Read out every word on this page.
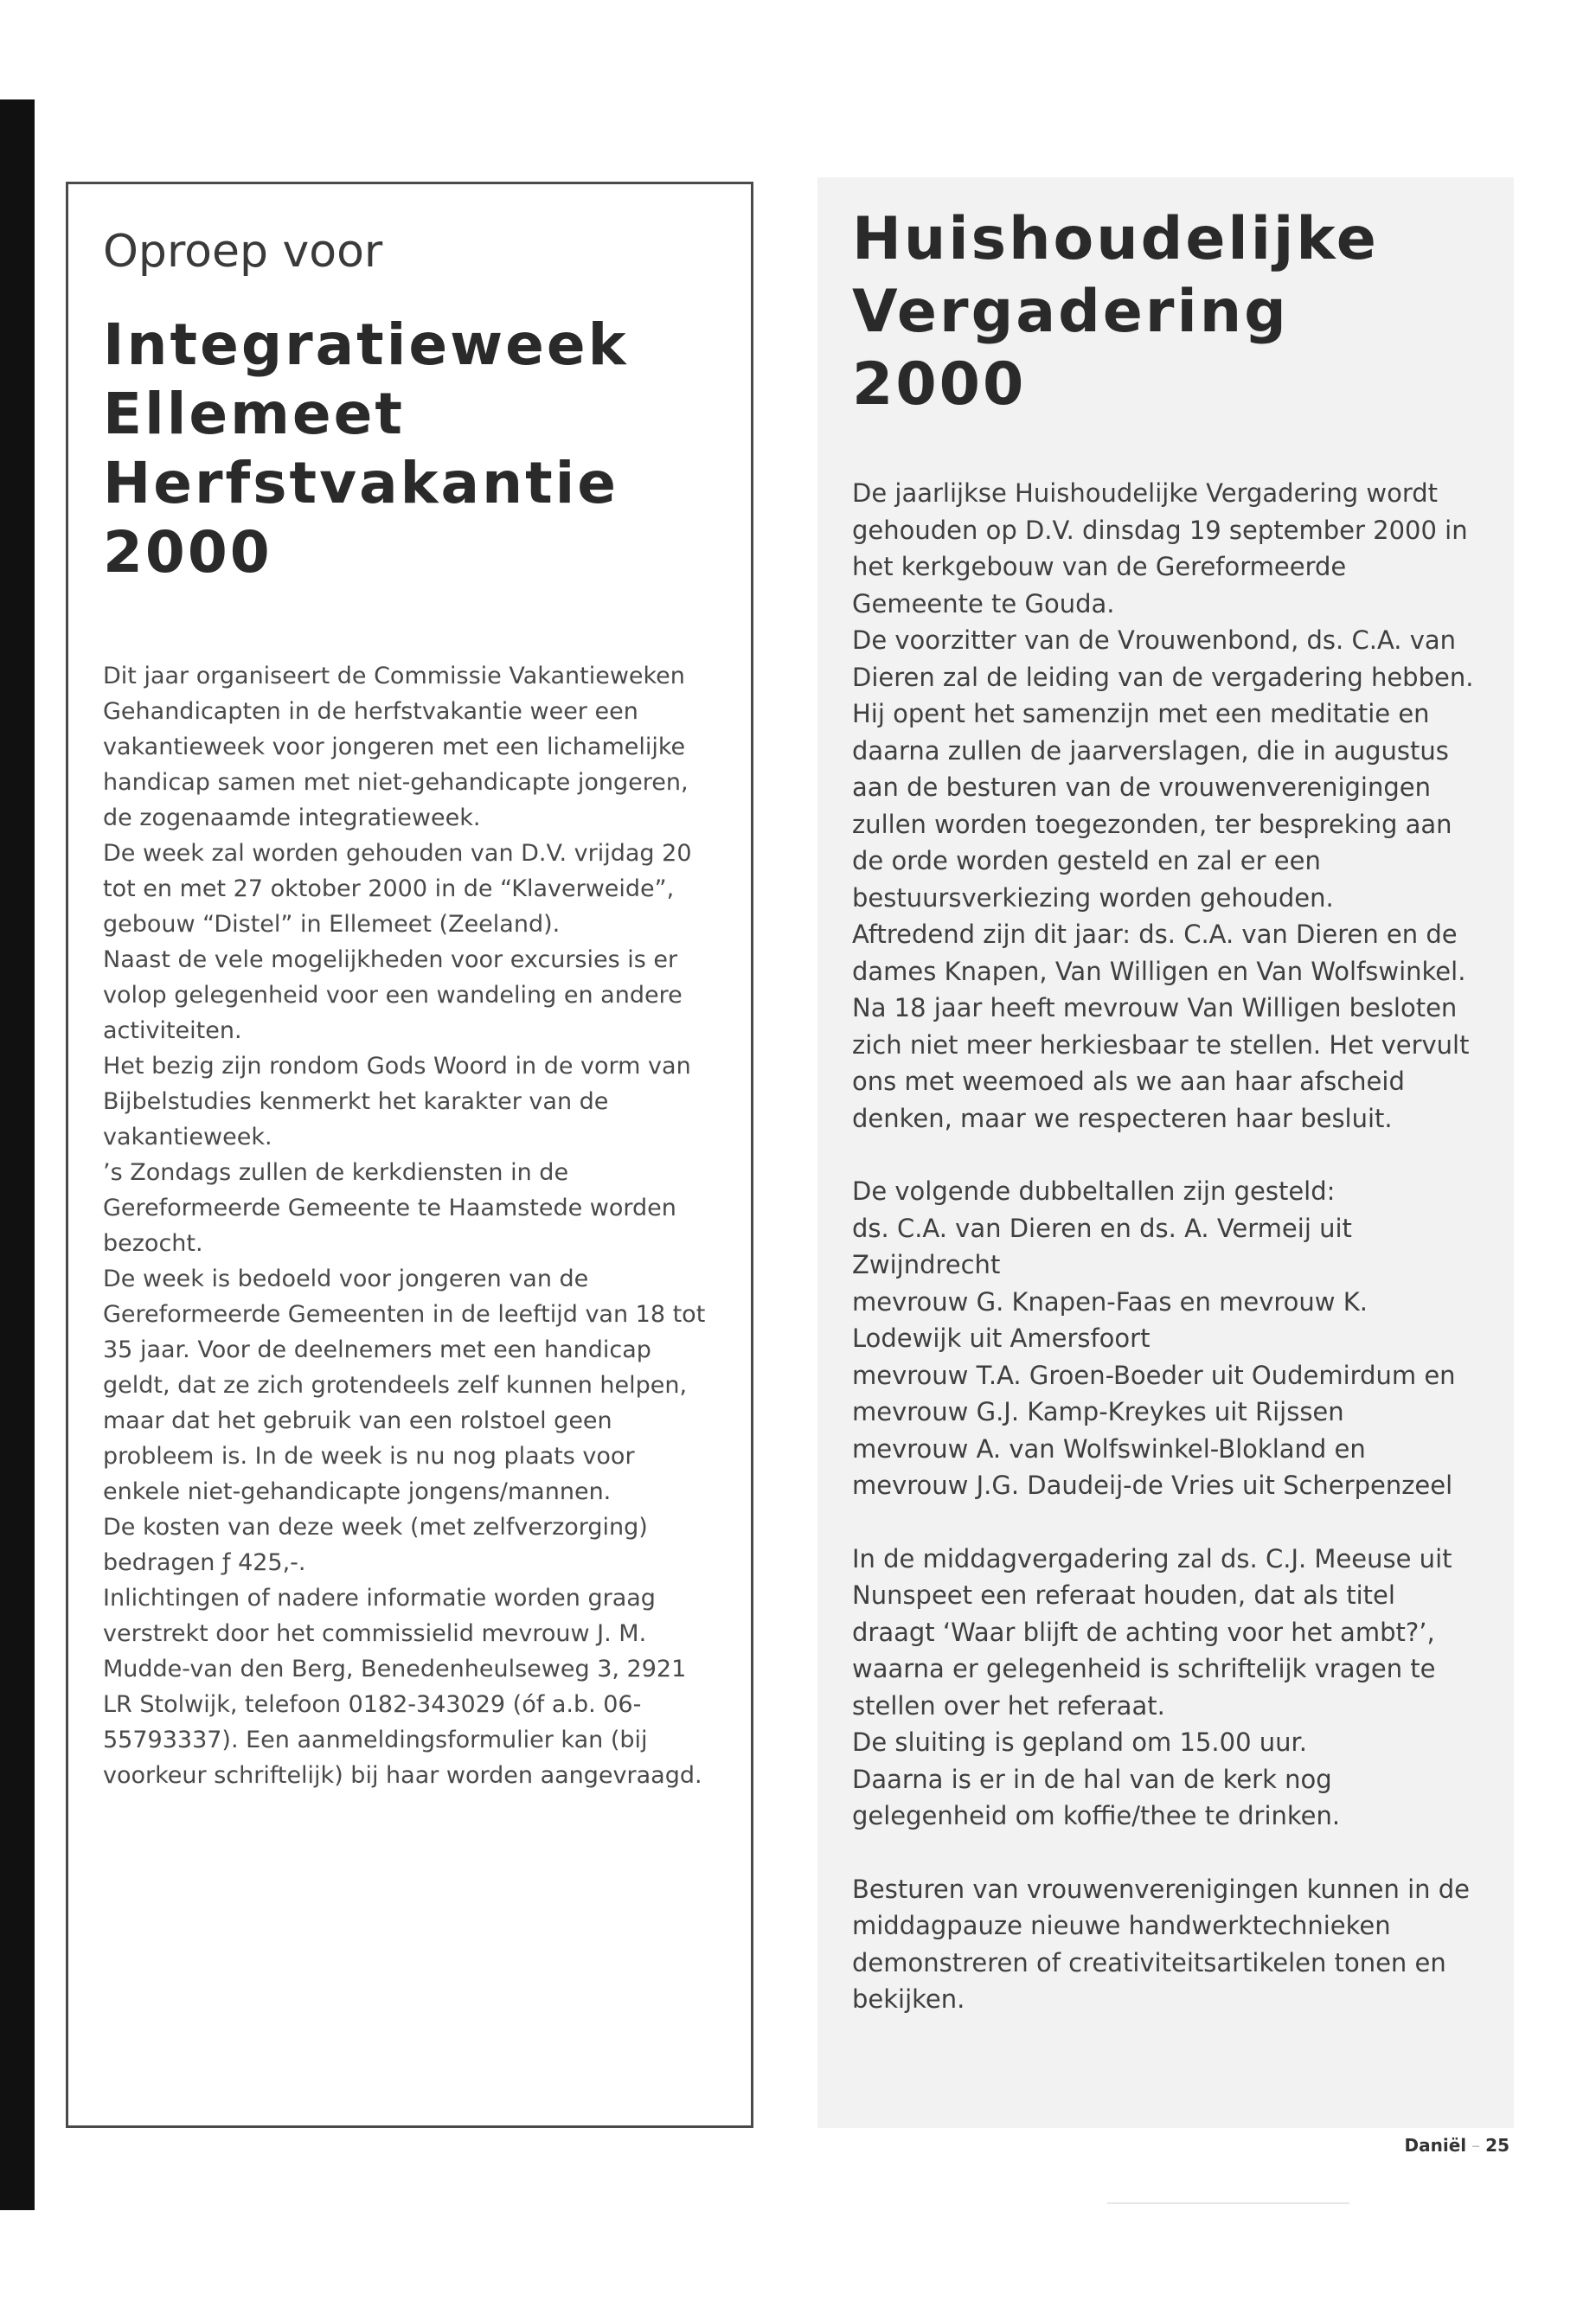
Oproep voor
Integratieweek
Ellemeet
Herfstvakantie 2000

Dit jaar organiseert de Commissie Vakantieweken Gehandicapten in de herfstvakantie weer een vakantieweek voor jongeren met een lichamelijke handicap samen met niet-gehandicapte jongeren, de zogenaamde integratieweek.

De week zal worden gehouden van D.V. vrijdag 20 tot en met 27 oktober 2000 in de “Klaverweide”, gebouw “Distel” in Ellemeet (Zeeland).

Naast de vele mogelijkheden voor excursies is er volop gelegenheid voor een wandeling en andere activiteiten.

Het bezig zijn rondom Gods Woord in de vorm van Bijbelstudies kenmerkt het karakter van de vakantieweek.

’s Zondags zullen de kerkdiensten in de Gereformeerde Gemeente te Haamstede worden bezocht.

De week is bedoeld voor jongeren van de Gereformeerde Gemeenten in de leeftijd van 18 tot 35 jaar. Voor de deelnemers met een handicap geldt, dat ze zich grotendeels zelf kunnen helpen, maar dat het gebruik van een rolstoel geen probleem is. In de week is nu nog plaats voor enkele niet-gehandicapte jongens/mannen.

De kosten van deze week (met zelfverzorging) bedragen ƒ 425,-.

Inlichtingen of nadere informatie worden graag verstrekt door het commissielid mevrouw J. M. Mudde-van den Berg, Benedenheulseweg 3, 2921 LR Stolwijk, telefoon 0182-343029 (óf a.b. 06-55793337). Een aanmeldingsformulier kan (bij voorkeur schriftelijk) bij haar worden aangevraagd.

Huishoudelijke
Vergadering 2000

De jaarlijkse Huishoudelijke Vergadering wordt gehouden op D.V. dinsdag 19 september 2000 in het kerkgebouw van de Gereformeerde Gemeente te Gouda.

De voorzitter van de Vrouwenbond, ds. C.A. van Dieren zal de leiding van de vergadering hebben. Hij opent het samenzijn met een meditatie en daarna zullen de jaarverslagen, die in augustus aan de besturen van de vrouwenverenigingen zullen worden toegezonden, ter bespreking aan de orde worden gesteld en zal er een bestuursverkiezing worden gehouden.

Aftredend zijn dit jaar: ds. C.A. van Dieren en de dames Knapen, Van Willigen en Van Wolfswinkel. Na 18 jaar heeft mevrouw Van Willigen besloten zich niet meer herkiesbaar te stellen. Het vervult ons met weemoed als we aan haar afscheid denken, maar we respecteren haar besluit.

De volgende dubbeltallen zijn gesteld:

ds. C.A. van Dieren en ds. A. Vermeij uit Zwijndrecht

mevrouw G. Knapen-Faas en mevrouw K. Lodewijk uit Amersfoort

mevrouw T.A. Groen-Boeder uit Oudemirdum en mevrouw G.J. Kamp-Kreykes uit Rijssen

mevrouw A. van Wolfswinkel-Blokland en mevrouw J.G. Daudeij-de Vries uit Scherpenzeel

In de middagvergadering zal ds. C.J. Meeuse uit Nunspeet een referaat houden, dat als titel draagt ‘Waar blijft de achting voor het ambt?’, waarna er gelegenheid is schriftelijk vragen te stellen over het referaat.

De sluiting is gepland om 15.00 uur.

Daarna is er in de hal van de kerk nog gelegenheid om koffie/thee te drinken.

Besturen van vrouwenverenigingen kunnen in de middagpauze nieuwe handwerktechnieken demonstreren of creativiteitsartikelen tonen en bekijken.

Daniël – 25
